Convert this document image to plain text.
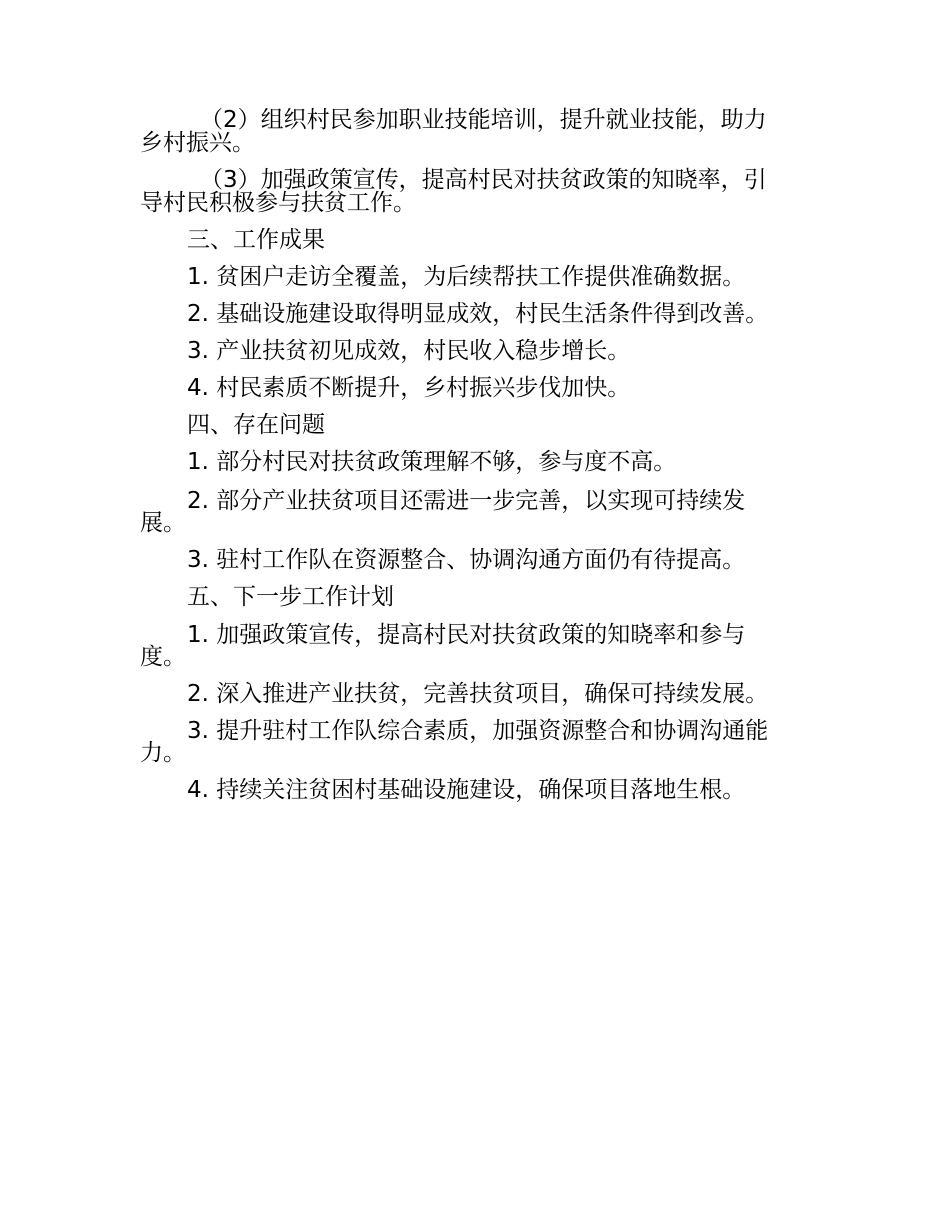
（2）组织村民参加职业技能培训，提升就业技能，助力
乡村振兴。
（3）加强政策宣传，提高村民对扶贫政策的知晓率，引
导村民积极参与扶贫工作。
三、工作成果
1. 贫困户走访全覆盖，为后续帮扶工作提供准确数据。
2. 基础设施建设取得明显成效，村民生活条件得到改善。
3. 产业扶贫初见成效，村民收入稳步增长。
4. 村民素质不断提升，乡村振兴步伐加快。
四、存在问题
1. 部分村民对扶贫政策理解不够，参与度不高。
2. 部分产业扶贫项目还需进一步完善，以实现可持续发
展。
3. 驻村工作队在资源整合、协调沟通方面仍有待提高。
五、下一步工作计划
1. 加强政策宣传，提高村民对扶贫政策的知晓率和参与
度。
2. 深入推进产业扶贫，完善扶贫项目，确保可持续发展。
3. 提升驻村工作队综合素质，加强资源整合和协调沟通能
力。
4. 持续关注贫困村基础设施建设，确保项目落地生根。
